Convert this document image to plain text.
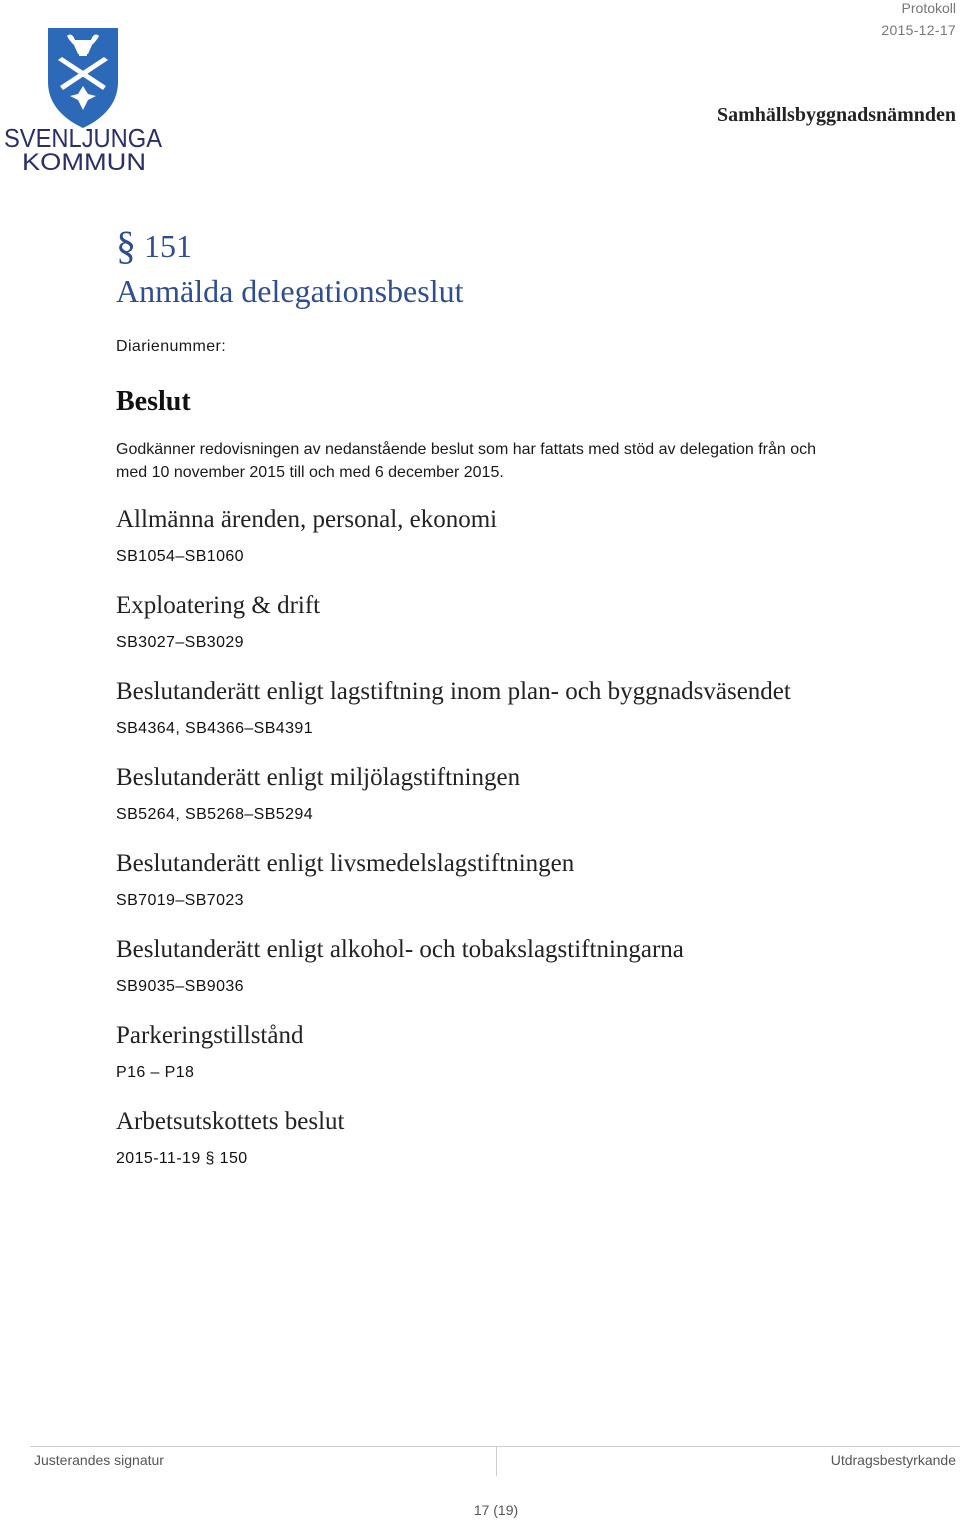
SVENLJUNGA
KOMMUN
Protokoll
2015-12-17
Samhällsbyggnadsnämnden
§ 151
Anmälda delegationsbeslut
Diarienummer:
Beslut
Godkänner redovisningen av nedanstående beslut som har fattats med stöd av delegation från och med 10 november 2015 till och med 6 december 2015.
Allmänna ärenden, personal, ekonomi
SB1054–SB1060
Exploatering & drift
SB3027–SB3029
Beslutanderätt enligt lagstiftning inom plan- och byggnadsväsendet
SB4364, SB4366–SB4391
Beslutanderätt enligt miljölagstiftningen
SB5264, SB5268–SB5294
Beslutanderätt enligt livsmedelslagstiftningen
SB7019–SB7023
Beslutanderätt enligt alkohol- och tobakslagstiftningarna
SB9035–SB9036
Parkeringstillstånd
P16 – P18
Arbetsutskottets beslut
2015-11-19 § 150
Justerandes signatur	Utdragsbestyrkande
17 (19)
